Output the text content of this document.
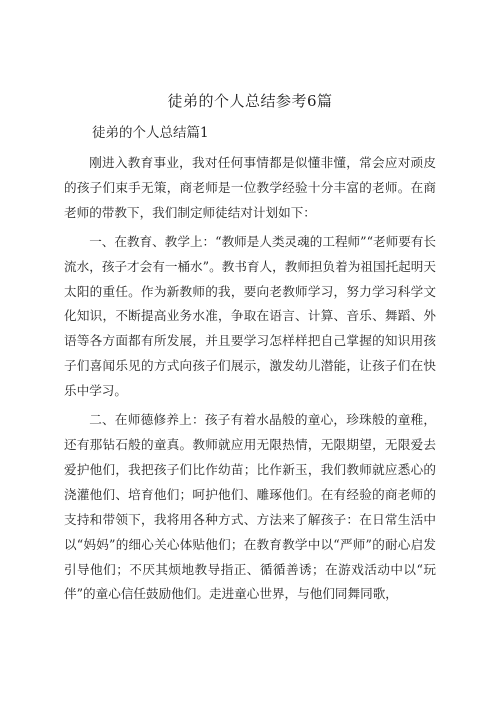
徒弟的个人总结参考6篇
徒弟的个人总结篇1

刚进入教育事业，我对任何事情都是似懂非懂，常会应对顽皮的孩子们束手无策，商老师是一位教学经验十分丰富的老师。在商老师的带教下，我们制定师徒结对计划如下：

一、在教育、教学上：“教师是人类灵魂的工程师”“老师要有长流水，孩子才会有一桶水”。教书育人，教师担负着为祖国托起明天太阳的重任。作为新教师的我，要向老教师学习，努力学习科学文化知识，不断提高业务水准，争取在语言、计算、音乐、舞蹈、外语等各方面都有所发展，并且要学习怎样样把自己掌握的知识用孩子们喜闻乐见的方式向孩子们展示，激发幼儿潜能，让孩子们在快乐中学习。

二、在师德修养上：孩子有着水晶般的童心，珍珠般的童稚，还有那钻石般的童真。教师就应用无限热情，无限期望，无限爱去爱护他们，我把孩子们比作幼苗；比作新玉，我们教师就应悉心的浇灌他们、培育他们；呵护他们、雕琢他们。在有经验的商老师的支持和带领下，我将用各种方式、方法来了解孩子：在日常生活中以“妈妈”的细心关心体贴他们；在教育教学中以“严师”的耐心启发引导他们；不厌其烦地教导指正、循循善诱；在游戏活动中以“玩伴”的童心信任鼓励他们。走进童心世界，与他们同舞同歌，
